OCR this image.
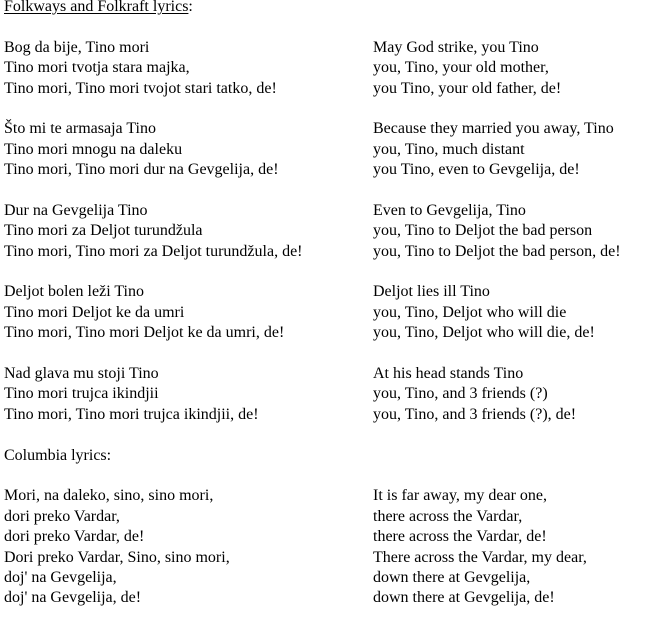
Folkways and Folkraft lyrics:
Bog da bije, Tino mori	May God strike, you Tino
Tino mori tvotja stara majka,	you, Tino, your old mother,
Tino mori, Tino mori tvojot stari tatko, de!	you Tino, your old father, de!
Što mi te armasaja Tino	Because they married you away, Tino
Tino mori mnogu na daleku	you, Tino, much distant
Tino mori, Tino mori dur na Gevgelija, de!	you Tino, even to Gevgelija, de!
Dur na Gevgelija Tino	Even to Gevgelija, Tino
Tino mori za Deljot turundžula	you, Tino to Deljot the bad person
Tino mori, Tino mori za Deljot turundžula, de!	you, Tino to Deljot the bad person, de!
Deljot bolen leži Tino	Deljot lies ill Tino
Tino mori Deljot ke da umri	you, Tino, Deljot who will die
Tino mori, Tino mori Deljot ke da umri, de!	you, Tino, Deljot who will die, de!
Nad glava mu stoji Tino	At his head stands Tino
Tino mori trujca ikindjii	you, Tino, and 3 friends (?)
Tino mori, Tino mori trujca ikindjii, de!	you, Tino, and 3 friends (?), de!
Columbia lyrics:
Mori, na daleko, sino, sino mori,	It is far away, my dear one,
dori preko Vardar,	there across the Vardar,
dori preko Vardar, de!	there across the Vardar, de!
Dori preko Vardar, Sino, sino mori,	There across the Vardar, my dear,
doj' na Gevgelija,	down there at Gevgelija,
doj' na Gevgelija, de!	down there at Gevgelija, de!
